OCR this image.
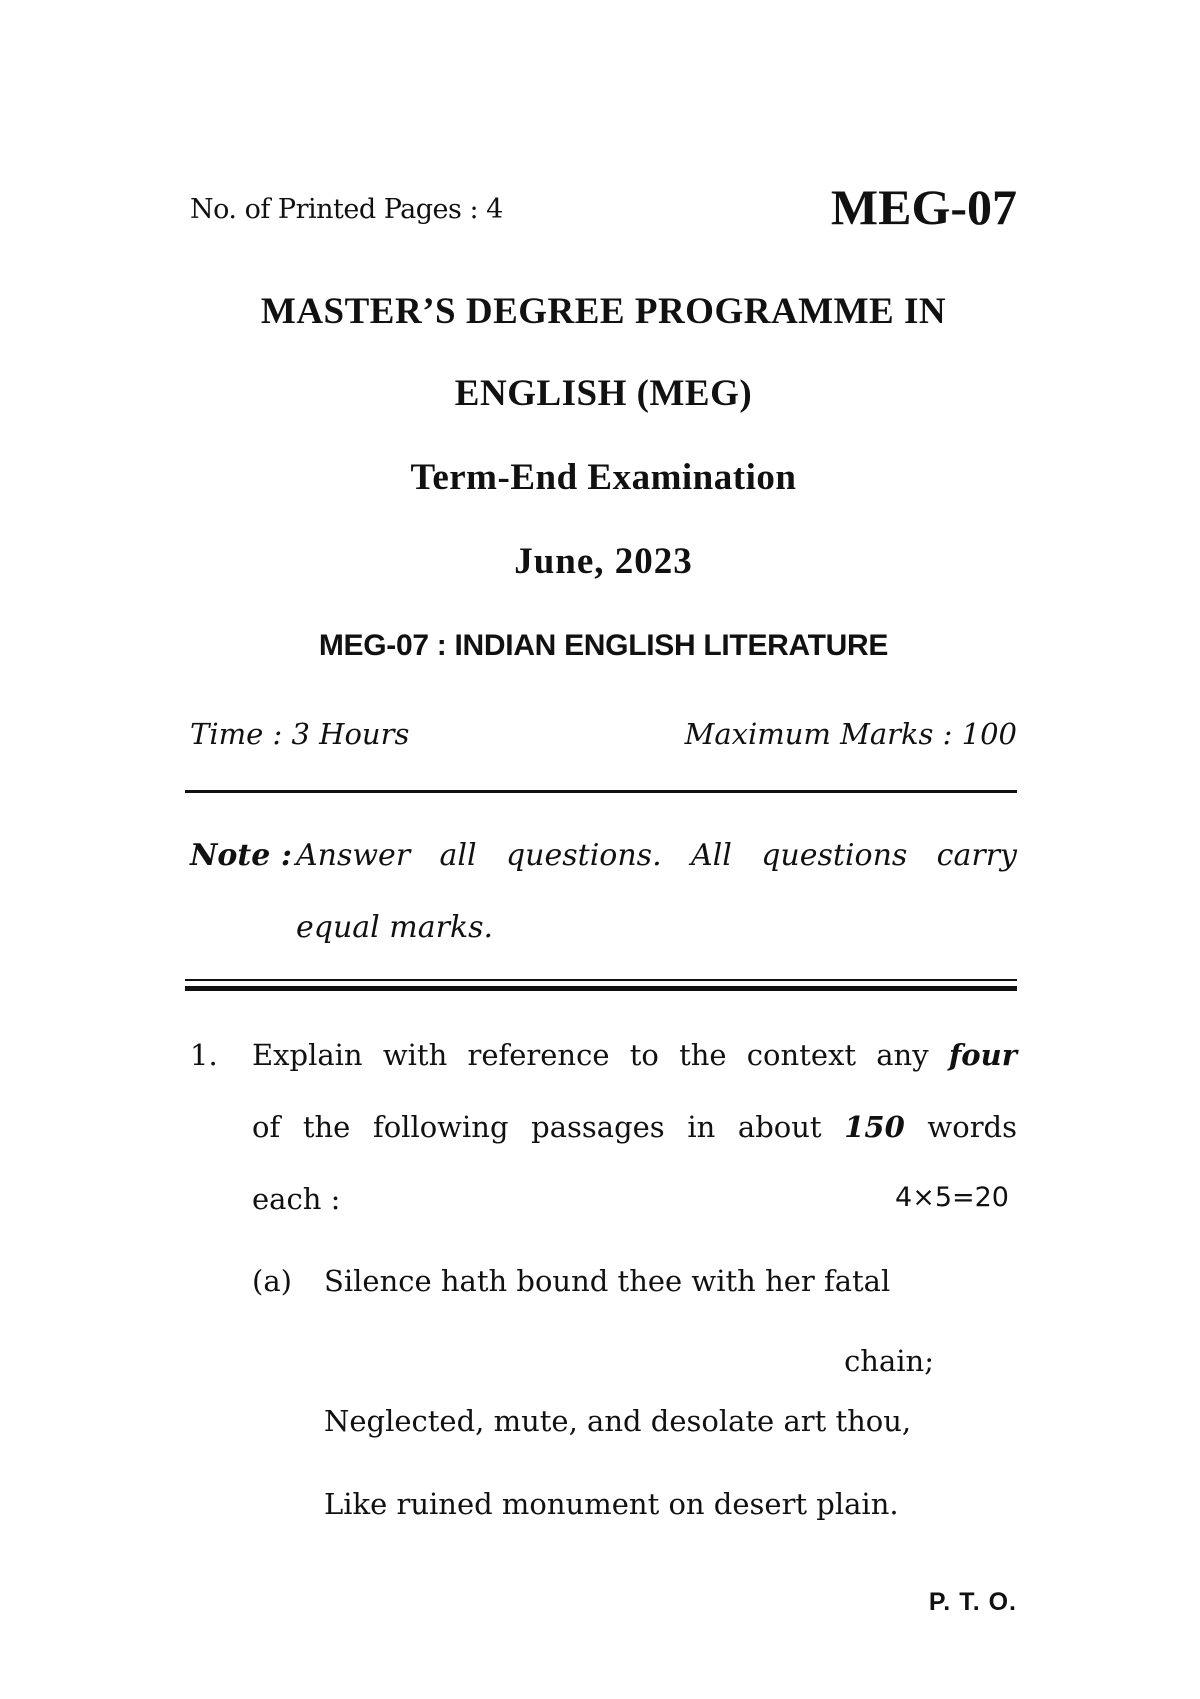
No. of Printed Pages : 4	MEG-07
MASTER’S DEGREE PROGRAMME IN
ENGLISH (MEG)
Term-End Examination
June, 2023
MEG-07 : INDIAN ENGLISH LITERATURE
Time : 3 Hours	Maximum Marks : 100
Note : Answer all questions. All questions carry
equal marks.
1. Explain with reference to the context any four
of the following passages in about 150 words
each :	4×5=20
(a) Silence hath bound thee with her fatal
chain;
Neglected, mute, and desolate art thou,
Like ruined monument on desert plain.
P. T. O.
